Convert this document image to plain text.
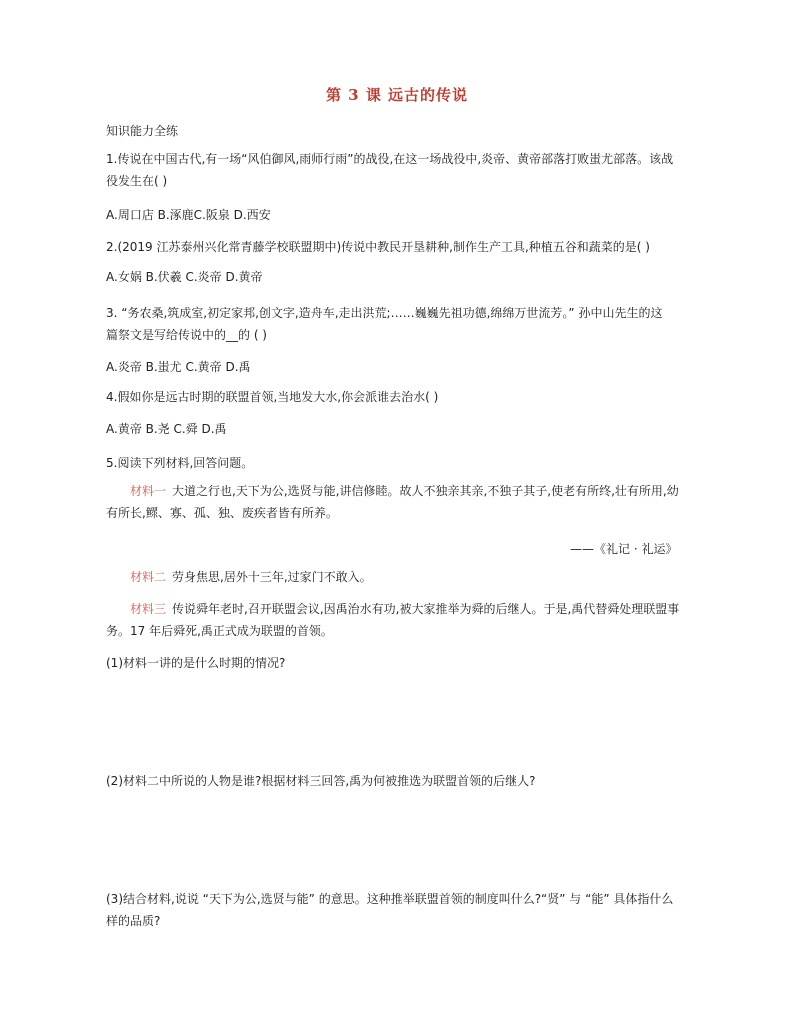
第 3 课 远古的传说
知识能力全练
1.传说在中国古代,有一场“风伯御风,雨师行雨”的战役,在这一场战役中,炎帝、黄帝部落打败蚩尤部落。该战
役发生在( )
A.周口店 B.涿鹿C.阪泉 D.西安
2.(2019 江苏泰州兴化常青藤学校联盟期中)传说中教民开垦耕种,制作生产工具,种植五谷和蔬菜的是( )
A.女娲 B.伏羲 C.炎帝 D.黄帝
3. “务农桑,筑成室,初定家邦,创文字,造舟车,走出洪荒;……巍巍先祖功德,绵绵万世流芳。” 孙中山先生的这
篇祭文是写给传说中的__的 ( )
A.炎帝 B.蚩尤 C.黄帝 D.禹
4.假如你是远古时期的联盟首领,当地发大水,你会派谁去治水( )
A.黄帝 B.尧 C.舜 D.禹
5.阅读下列材料,回答问题。
材料一 大道之行也,天下为公,选贤与能,讲信修睦。故人不独亲其亲,不独子其子,使老有所终,壮有所用,幼
有所长,鳏、寡、孤、独、废疾者皆有所养。
——《礼记 · 礼运》
材料二 劳身焦思,居外十三年,过家门不敢入。
材料三 传说舜年老时,召开联盟会议,因禹治水有功,被大家推举为舜的后继人。于是,禹代替舜处理联盟事
务。17 年后舜死,禹正式成为联盟的首领。
(1)材料一讲的是什么时期的情况?
(2)材料二中所说的人物是谁?根据材料三回答,禹为何被推选为联盟首领的后继人?
(3)结合材料,说说 “天下为公,选贤与能” 的意思。这种推举联盟首领的制度叫什么?“贤” 与 “能” 具体指什么
样的品质?
